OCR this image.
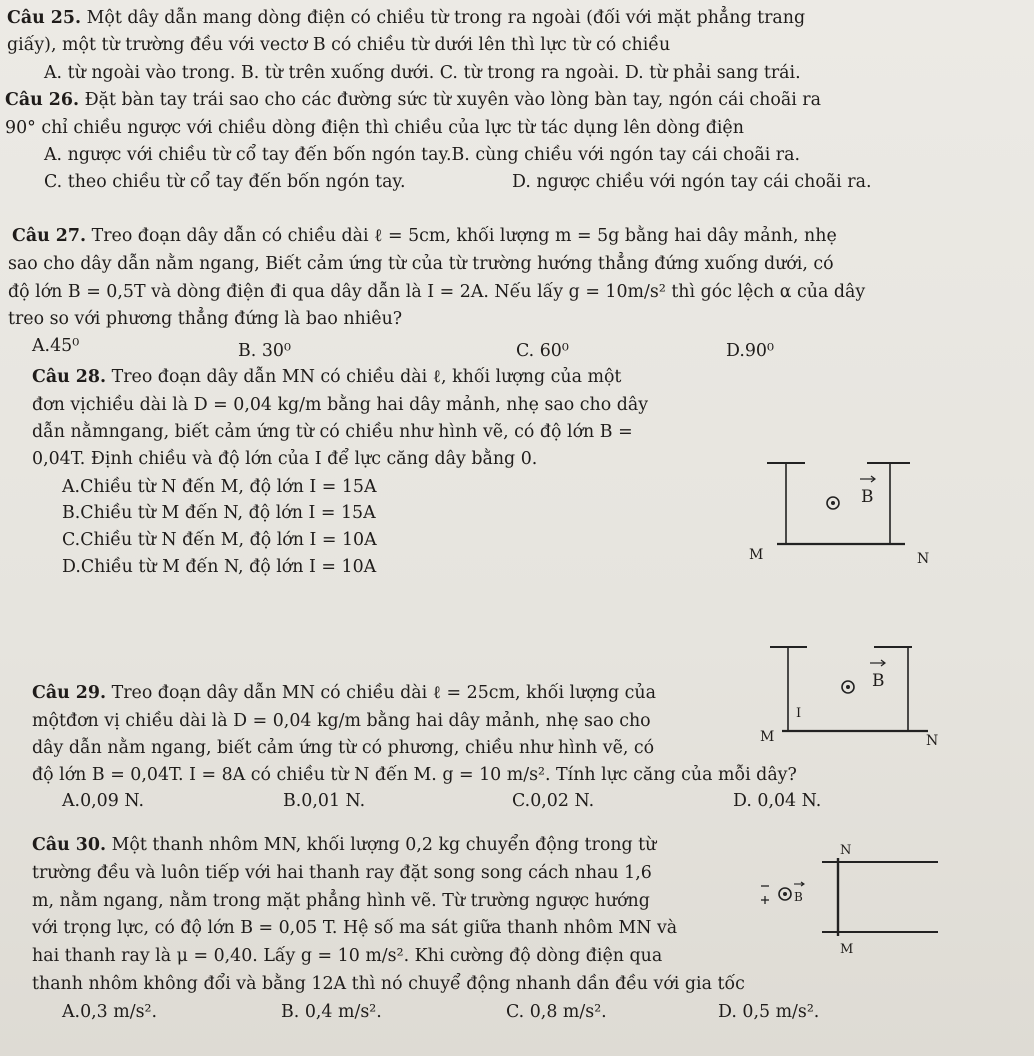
Câu 25. Một dây dẫn mang dòng điện có chiều từ trong ra ngoài (đối với mặt phẳng trang
giấy), một từ trường đều với vectơ B có chiều từ dưới lên thì lực từ có chiều
A. từ ngoài vào trong. B. từ trên xuống dưới. C. từ trong ra ngoài. D. từ phải sang trái.
Câu 26. Đặt bàn tay trái sao cho các đường sức từ xuyên vào lòng bàn tay, ngón cái choãi ra
90° chỉ chiều ngược với chiều dòng điện thì chiều của lực từ tác dụng lên dòng điện
A. ngược với chiều từ cổ tay đến bốn ngón tay.B. cùng chiều với ngón tay cái choãi ra.
C. theo chiều từ cổ tay đến bốn ngón tay.	D. ngược chiều với ngón tay cái choãi ra.
Câu 27. Treo đoạn dây dẫn có chiều dài ℓ = 5cm, khối lượng m = 5g bằng hai dây mảnh, nhẹ
sao cho dây dẫn nằm ngang, Biết cảm ứng từ của từ trường hướng thẳng đứng xuống dưới, có
độ lớn B = 0,5T và dòng điện đi qua dây dẫn là I = 2A. Nếu lấy g = 10m/s² thì góc lệch α của dây
treo so với phương thẳng đứng là bao nhiêu?
A.45⁰	B. 30⁰	C. 60⁰	D.90⁰
Câu 28. Treo đoạn dây dẫn MN có chiều dài ℓ, khối lượng của một
đơn vịchiều dài là D = 0,04 kg/m bằng hai dây mảnh, nhẹ sao cho dây
dẫn nằmngang, biết cảm ứng từ có chiều như hình vẽ, có độ lớn B =
0,04T. Định chiều và độ lớn của I để lực căng dây bằng 0.
A.Chiều từ N đến M, độ lớn I = 15A
B.Chiều từ M đến N, độ lớn I = 15A
C.Chiều từ N đến M, độ lớn I = 10A
D.Chiều từ M đến N, độ lớn I = 10A
B
M	N
Câu 29. Treo đoạn dây dẫn MN có chiều dài ℓ = 25cm, khối lượng của
mộtđơn vị chiều dài là D = 0,04 kg/m bằng hai dây mảnh, nhẹ sao cho
dây dẫn nằm ngang, biết cảm ứng từ có phương, chiều như hình vẽ, có
độ lớn B = 0,04T. I = 8A có chiều từ N đến M. g = 10 m/s². Tính lực căng của mỗi dây?
A.0,09 N.	B.0,01 N.	C.0,02 N.	D. 0,04 N.
B
I
M	N
Câu 30. Một thanh nhôm MN, khối lượng 0,2 kg chuyển động trong từ
trường đều và luôn tiếp với hai thanh ray đặt song song cách nhau 1,6
m, nằm ngang, nằm trong mặt phẳng hình vẽ. Từ trường ngược hướng
với trọng lực, có độ lớn B = 0,05 T. Hệ số ma sát giữa thanh nhôm MN và
hai thanh ray là μ = 0,40. Lấy g = 10 m/s². Khi cường độ dòng điện qua
thanh nhôm không đổi và bằng 12A thì nó chuyể động nhanh dần đều với gia tốc
A.0,3 m/s².	B. 0,4 m/s².	C. 0,8 m/s².	D. 0,5 m/s².
N
M
B
